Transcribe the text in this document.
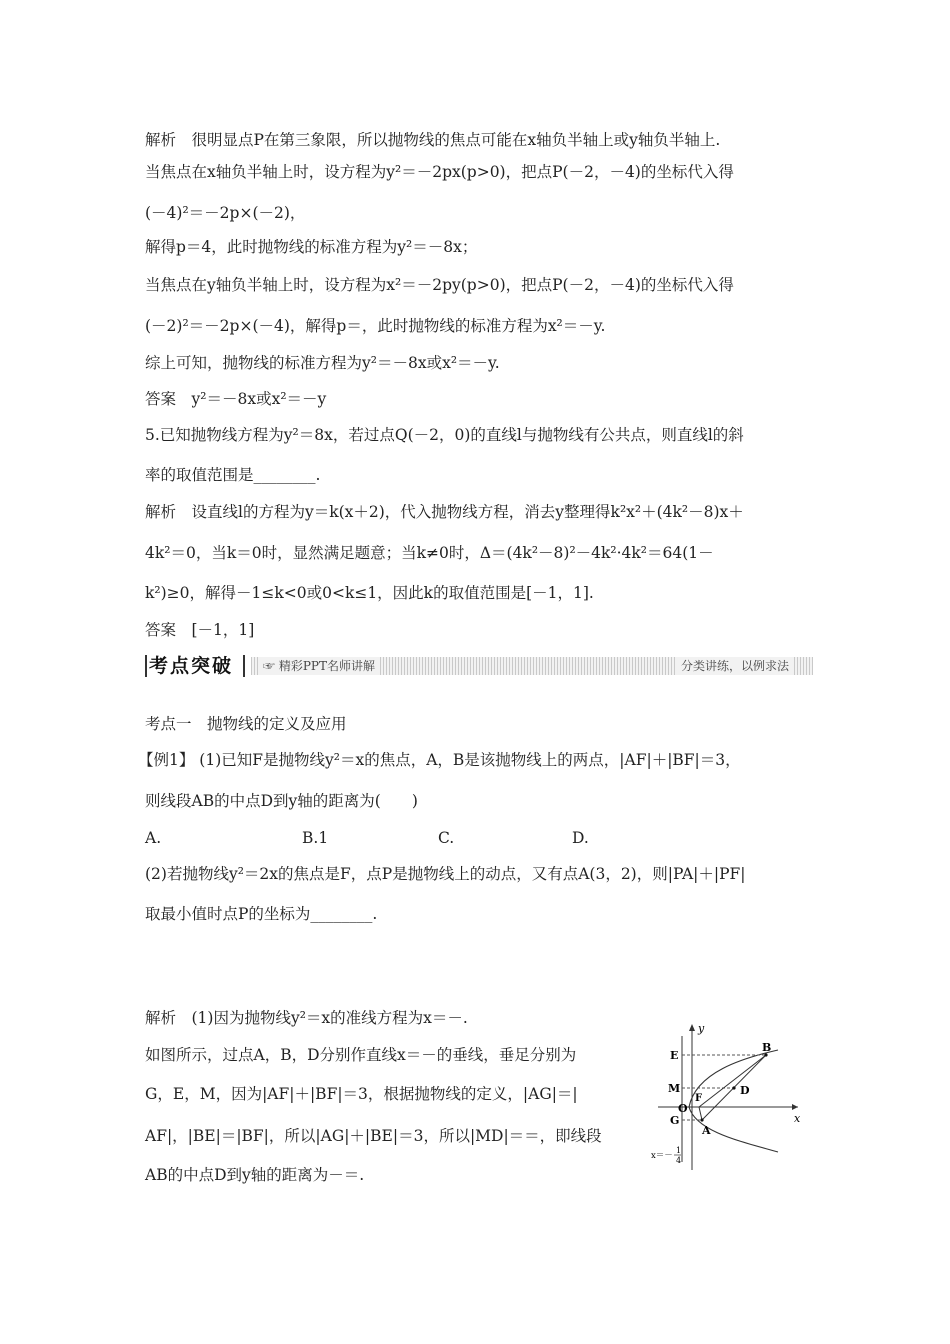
解析　很明显点P在第三象限，所以抛物线的焦点可能在x轴负半轴上或y轴负半轴上.
当焦点在x轴负半轴上时，设方程为y²＝－2px(p>0)，把点P(－2，－4)的坐标代入得
(－4)²＝－2p×(－2)，
解得p＝4，此时抛物线的标准方程为y²＝－8x；
当焦点在y轴负半轴上时，设方程为x²＝－2py(p>0)，把点P(－2，－4)的坐标代入得
(－2)²＝－2p×(－4)，解得p＝，此时抛物线的标准方程为x²＝－y.
综上可知，抛物线的标准方程为y²＝－8x或x²＝－y.
答案　y²＝－8x或x²＝－y
5.已知抛物线方程为y²＝8x，若过点Q(－2，0)的直线l与抛物线有公共点，则直线l的斜
率的取值范围是________.
解析　设直线l的方程为y＝k(x＋2)，代入抛物线方程，消去y整理得k²x²＋(4k²－8)x＋
4k²＝0，当k＝0时，显然满足题意；当k≠0时，Δ＝(4k²－8)²－4k²·4k²＝64(1－
k²)≥0，解得－1≤k<0或0<k≤1，因此k的取值范围是[－1，1].
答案　[－1，1]
考点突破	☞ 精彩PPT名师讲解	分类讲练，以例求法
考点一　抛物线的定义及应用
【例1】 (1)已知F是抛物线y²＝x的焦点，A，B是该抛物线上的两点，|AF|＋|BF|＝3，
则线段AB的中点D到y轴的距离为(　　)
A.	B.1	C.	D.
(2)若抛物线y²＝2x的焦点是F，点P是抛物线上的动点，又有点A(3，2)，则|PA|＋|PF|
取最小值时点P的坐标为________.
解析　(1)因为抛物线y²＝x的准线方程为x＝－.
如图所示，过点A，B，D分别作直线x＝－的垂线，垂足分别为
G，E，M，因为|AF|＋|BF|＝3，根据抛物线的定义，|AG|＝|
AF|，|BE|＝|BF|，所以|AG|＋|BE|＝3，所以|MD|＝＝，即线段
AB的中点D到y轴的距离为－＝.
y
x
E
M
O
G
F
A
B
D
x＝－
1
4
